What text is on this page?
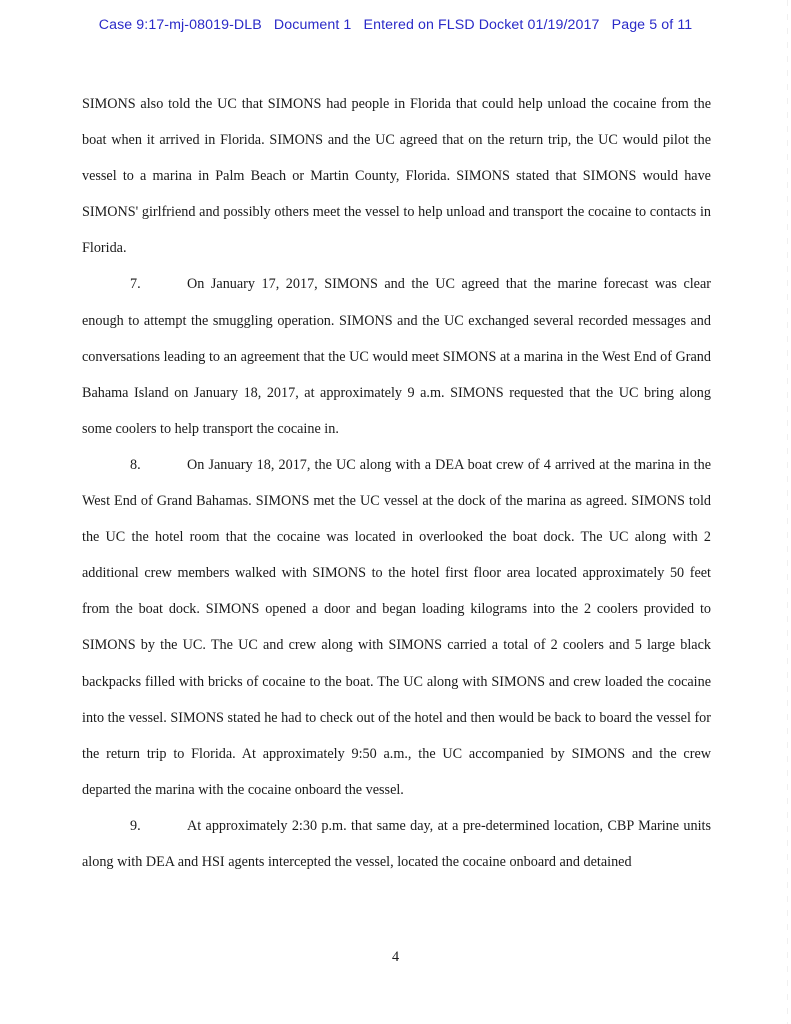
Case 9:17-mj-08019-DLB   Document 1   Entered on FLSD Docket 01/19/2017   Page 5 of 11

SIMONS also told the UC that SIMONS had people in Florida that could help unload the cocaine from the boat when it arrived in Florida. SIMONS and the UC agreed that on the return trip, the UC would pilot the vessel to a marina in Palm Beach or Martin County, Florida. SIMONS stated that SIMONS would have SIMONS' girlfriend and possibly others meet the vessel to help unload and transport the cocaine to contacts in Florida.

7.	On January 17, 2017, SIMONS and the UC agreed that the marine forecast was clear enough to attempt the smuggling operation. SIMONS and the UC exchanged several recorded messages and conversations leading to an agreement that the UC would meet SIMONS at a marina in the West End of Grand Bahama Island on January 18, 2017, at approximately 9 a.m. SIMONS requested that the UC bring along some coolers to help transport the cocaine in.

8.	On January 18, 2017, the UC along with a DEA boat crew of 4 arrived at the marina in the West End of Grand Bahamas. SIMONS met the UC vessel at the dock of the marina as agreed. SIMONS told the UC the hotel room that the cocaine was located in overlooked the boat dock. The UC along with 2 additional crew members walked with SIMONS to the hotel first floor area located approximately 50 feet from the boat dock. SIMONS opened a door and began loading kilograms into the 2 coolers provided to SIMONS by the UC. The UC and crew along with SIMONS carried a total of 2 coolers and 5 large black backpacks filled with bricks of cocaine to the boat. The UC along with SIMONS and crew loaded the cocaine into the vessel. SIMONS stated he had to check out of the hotel and then would be back to board the vessel for the return trip to Florida. At approximately 9:50 a.m., the UC accompanied by SIMONS and the crew departed the marina with the cocaine onboard the vessel.

9.	At approximately 2:30 p.m. that same day, at a pre-determined location, CBP Marine units along with DEA and HSI agents intercepted the vessel, located the cocaine onboard and detained

4
